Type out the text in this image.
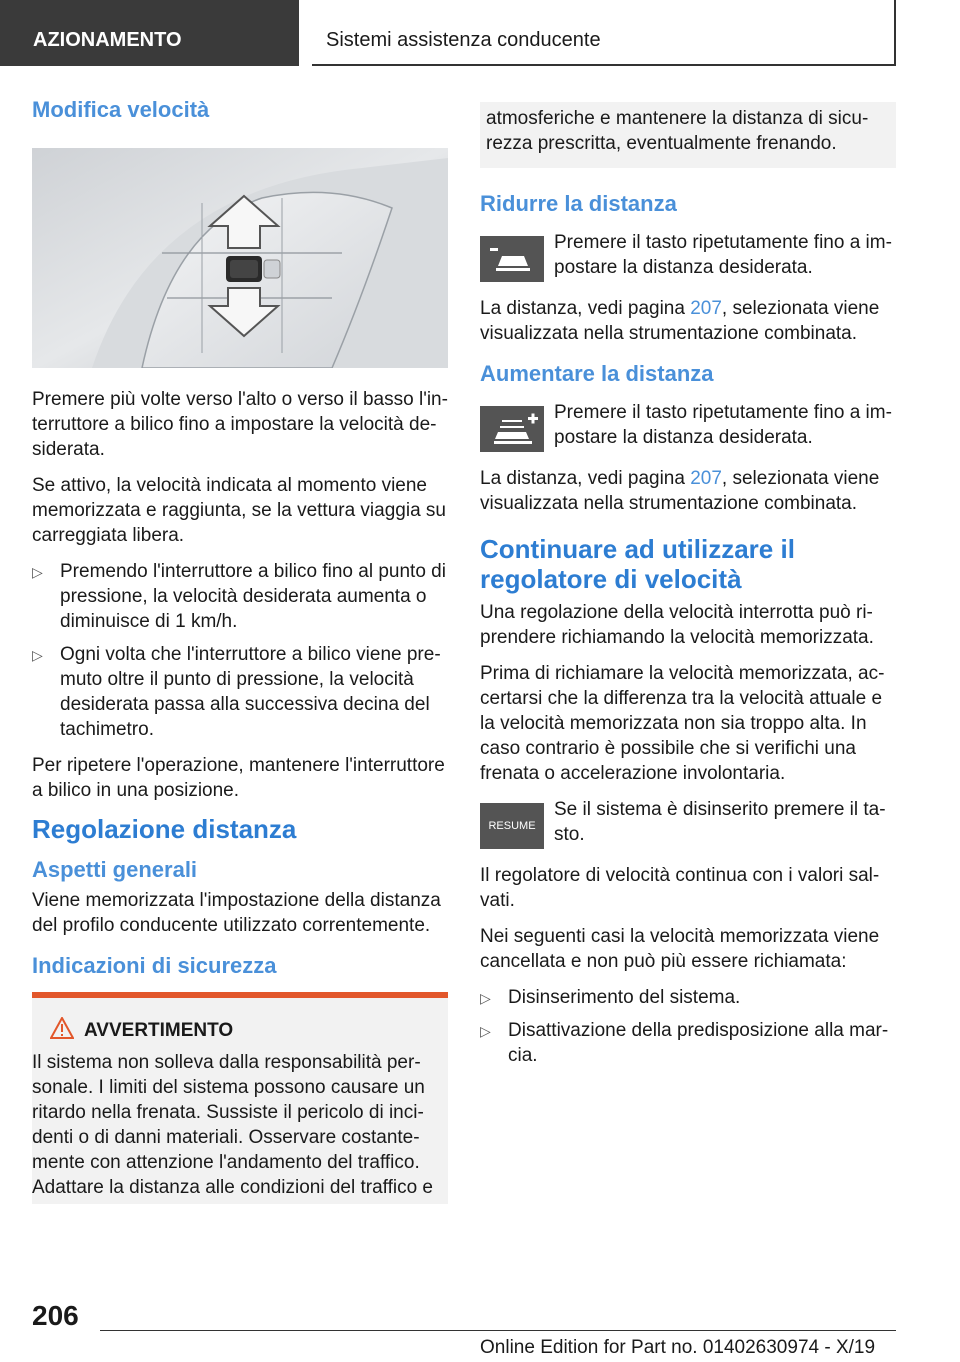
AZIONAMENTO	Sistemi assistenza conducente
Modifica velocità

Premere più volte verso l'alto o verso il basso l'in-terruttore a bilico fino a impostare la velocità de-siderata.

Se attivo, la velocità indicata al momento viene memorizzata e raggiunta, se la vettura viaggia su carreggiata libera.

▷ Premendo l'interruttore a bilico fino al punto di pressione, la velocità desiderata aumenta o diminuisce di 1 km/h.
▷ Ogni volta che l'interruttore a bilico viene pre-muto oltre il punto di pressione, la velocità desiderata passa alla successiva decina del tachimetro.

Per ripetere l'operazione, mantenere l'interruttore a bilico in una posizione.

Regolazione distanza
Aspetti generali

Viene memorizzata l'impostazione della distanza del profilo conducente utilizzato correntemente.

Indicazioni di sicurezza
AVVERTIMENTO

Il sistema non solleva dalla responsabilità per-sonale. I limiti del sistema possono causare un ritardo nella frenata. Sussiste il pericolo di inci-denti o di danni materiali. Osservare costante-mente con attenzione l'andamento del traffico. Adattare la distanza alle condizioni del traffico e

atmosferiche e mantenere la distanza di sicu-rezza prescritta, eventualmente frenando.

Ridurre la distanza

Premere il tasto ripetutamente fino a im-postare la distanza desiderata.

La distanza, vedi pagina 207, selezionata viene visualizzata nella strumentazione combinata.

Aumentare la distanza

Premere il tasto ripetutamente fino a im-postare la distanza desiderata.

La distanza, vedi pagina 207, selezionata viene visualizzata nella strumentazione combinata.

Continuare ad utilizzare il regolatore di velocità

Una regolazione della velocità interrotta può ri-prendere richiamando la velocità memorizzata.

Prima di richiamare la velocità memorizzata, ac-certarsi che la differenza tra la velocità attuale e la velocità memorizzata non sia troppo alta. In caso contrario è possibile che si verifichi una frenata o accelerazione involontaria.

RESUME

Se il sistema è disinserito premere il ta-sto.

Il regolatore di velocità continua con i valori sal-vati.

Nei seguenti casi la velocità memorizzata viene cancellata e non può più essere richiamata:

▷ Disinserimento del sistema.
▷ Disattivazione della predisposizione alla mar-cia.
206
Online Edition for Part no. 01402630974 - X/19
